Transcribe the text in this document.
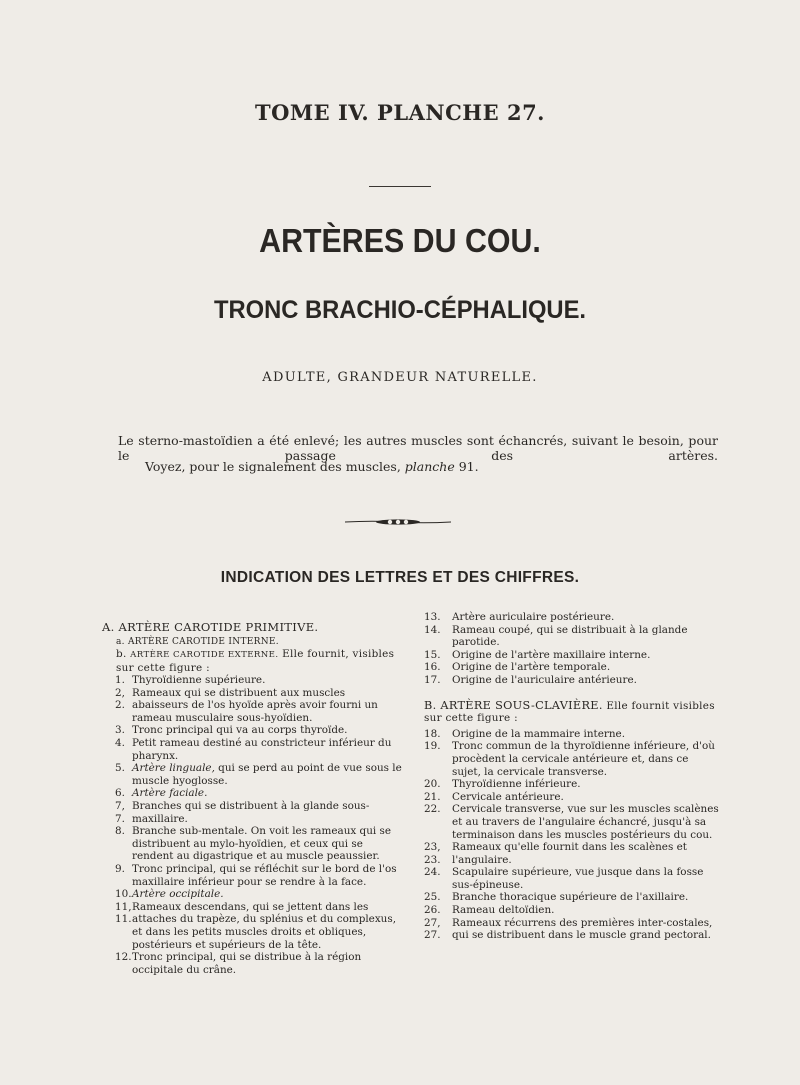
TOME IV. PLANCHE 27.
ARTÈRES DU COU.
TRONC BRACHIO-CÉPHALIQUE.
ADULTE, GRANDEUR NATURELLE.
Le sterno-mastoïdien a été enlevé; les autres muscles sont échancrés, suivant le besoin, pour le passage des artères.
Voyez, pour le signalement des muscles, planche 91.
INDICATION DES LETTRES ET DES CHIFFRES.
A. ARTÈRE CAROTIDE PRIMITIVE.
a. ARTÈRE CAROTIDE INTERNE.
b. ARTÈRE CAROTIDE EXTERNE. Elle fournit, visibles sur cette figure :
1. Thyroïdienne supérieure.
2, 2.
Rameaux qui se distribuent aux muscles abaisseurs de l'os hyoïde après avoir fourni un rameau musculaire sous-hyoïdien.
3. Tronc principal qui va au corps thyroïde.
4. Petit rameau destiné au constricteur inférieur du pharynx.
5. Artère linguale, qui se perd au point de vue sous le muscle hyoglosse.
6. Artère faciale.
7, 7.
Branches qui se distribuent à la glande sous-maxillaire.
8. Branche sub-mentale. On voit les rameaux qui se distribuent au mylo-hyoïdien, et ceux qui se rendent au digastrique et au muscle peaussier.
9. Tronc principal, qui se réfléchit sur le bord de l'os maxillaire inférieur pour se rendre à la face.
10. Artère occipitale.
11, 11.
Rameaux descendans, qui se jettent dans les attaches du trapèze, du splénius et du complexus, et dans les petits muscles droits et obliques, postérieurs et supérieurs de la tête.
12. Tronc principal, qui se distribue à la région occipitale du crâne.
13.	Artère auriculaire postérieure.
14.	Rameau coupé, qui se distribuait à la glande parotide.
15.	Origine de l'artère maxillaire interne.
16.	Origine de l'artère temporale.
17.	Origine de l'auriculaire antérieure.
B. ARTÈRE SOUS-CLAVIÈRE. Elle fournit visibles sur cette figure :
18.	Origine de la mammaire interne.
19.	Tronc commun de la thyroïdienne inférieure, d'où procèdent la cervicale antérieure et, dans ce sujet, la cervicale transverse.
20.	Thyroïdienne inférieure.
21.	Cervicale antérieure.
22.	Cervicale transverse, vue sur les muscles scalènes et au travers de l'angulaire échancré, jusqu'à sa terminaison dans les muscles postérieurs du cou.
23, 23.
Rameaux qu'elle fournit dans les scalènes et l'angulaire.
24.	Scapulaire supérieure, vue jusque dans la fosse sus-épineuse.
25.	Branche thoracique supérieure de l'axillaire.
26.	Rameau deltoïdien.
27, 27.
Rameaux récurrens des premières inter-costales, qui se distribuent dans le muscle grand pectoral.
